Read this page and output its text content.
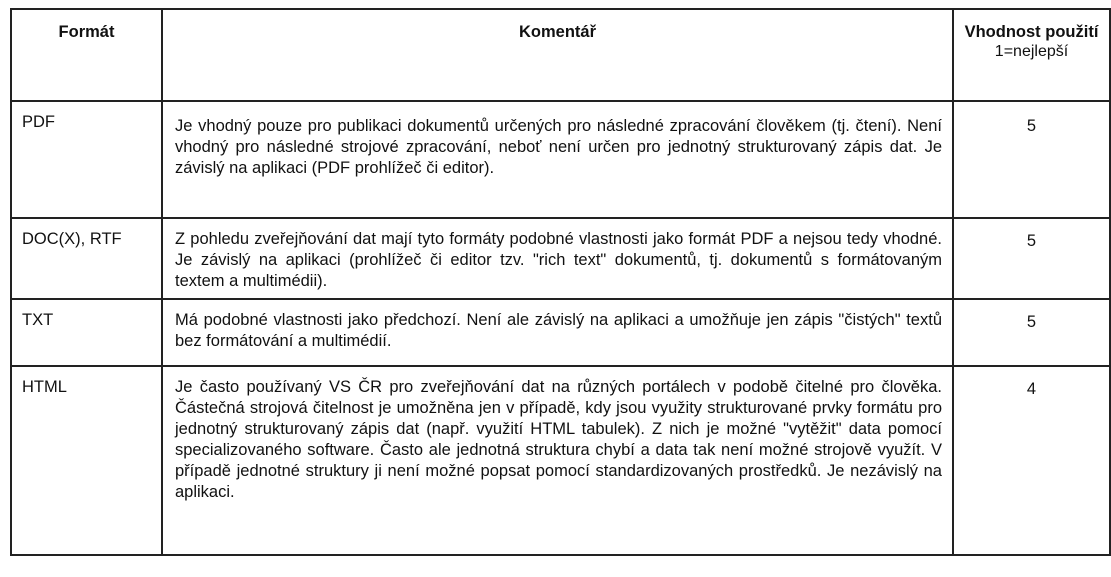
Formát	Komentář	Vhodnost použití
1=nejlepší

PDF	Je vhodný pouze pro publikaci dokumentů určených pro následné zpracování člověkem (tj. čtení). Není vhodný pro následné strojové zpracování, neboť není určen pro jednotný strukturovaný zápis dat. Je závislý na aplikaci (PDF prohlížeč či editor).	5
DOC(X), RTF	Z pohledu zveřejňování dat mají tyto formáty podobné vlastnosti jako formát PDF a nejsou tedy vhodné. Je závislý na aplikaci (prohlížeč či editor tzv. "rich text" dokumentů, tj. dokumentů s formátovaným textem a multimédii).	5
TXT	Má podobné vlastnosti jako předchozí. Není ale závislý na aplikaci a umožňuje jen zápis "čistých" textů bez formátování a multimédií.	5
HTML	Je často používaný VS ČR pro zveřejňování dat na různých portálech v podobě čitelné pro člověka. Částečná strojová čitelnost je umožněna jen v případě, kdy jsou využity strukturované prvky formátu pro jednotný strukturovaný zápis dat (např. využití HTML tabulek). Z nich je možné "vytěžit" data pomocí specializovaného software. Často ale jednotná struktura chybí a data tak není možné strojově využít. V případě jednotné struktury ji není možné popsat pomocí standardizovaných prostředků. Je nezávislý na aplikaci.	4
